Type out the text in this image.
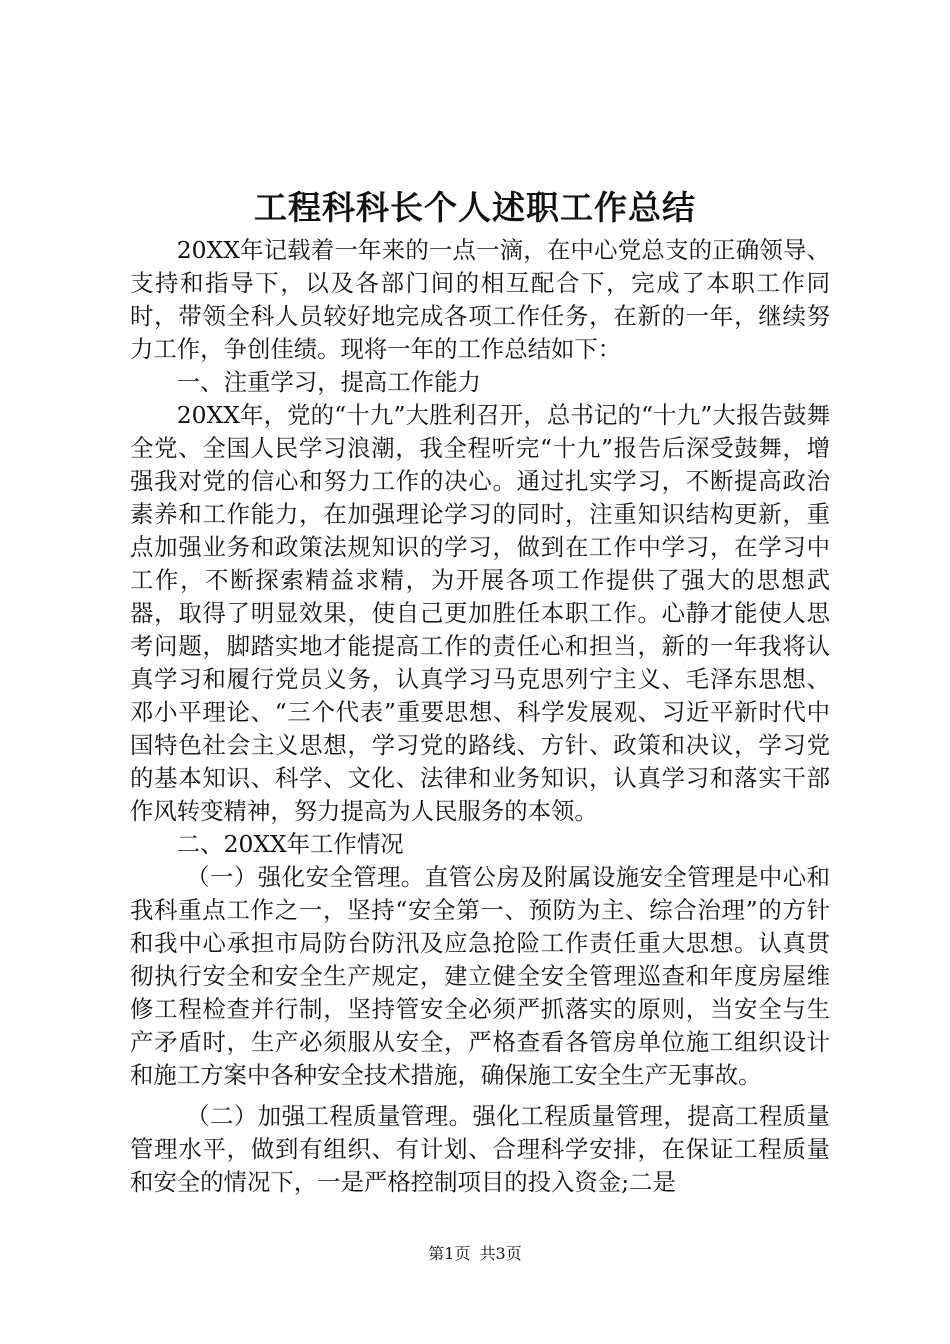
工程科科长个人述职工作总结

20XX年记载着一年来的一点一滴，在中心党总支的正确领导、支持和指导下，以及各部门间的相互配合下，完成了本职工作同时，带领全科人员较好地完成各项工作任务，在新的一年，继续努力工作，争创佳绩。现将一年的工作总结如下：

一、注重学习，提高工作能力

20XX年，党的“十九”大胜利召开，总书记的“十九”大报告鼓舞全党、全国人民学习浪潮，我全程听完“十九”报告后深受鼓舞，增强我对党的信心和努力工作的决心。通过扎实学习，不断提高政治素养和工作能力，在加强理论学习的同时，注重知识结构更新，重点加强业务和政策法规知识的学习，做到在工作中学习，在学习中工作，不断探索精益求精，为开展各项工作提供了强大的思想武器，取得了明显效果，使自己更加胜任本职工作。心静才能使人思考问题，脚踏实地才能提高工作的责任心和担当，新的一年我将认真学习和履行党员义务，认真学习马克思列宁主义、毛泽东思想、邓小平理论、“三个代表”重要思想、科学发展观、习近平新时代中国特色社会主义思想，学习党的路线、方针、政策和决议，学习党的基本知识、科学、文化、法律和业务知识，认真学习和落实干部作风转变精神，努力提高为人民服务的本领。

二、20XX年工作情况

（一）强化安全管理。直管公房及附属设施安全管理是中心和我科重点工作之一，坚持“安全第一、预防为主、综合治理”的方针和我中心承担市局防台防汛及应急抢险工作责任重大思想。认真贯彻执行安全和安全生产规定，建立健全安全管理巡查和年度房屋维修工程检查并行制，坚持管安全必须严抓落实的原则，当安全与生产矛盾时，生产必须服从安全，严格查看各管房单位施工组织设计和施工方案中各种安全技术措施，确保施工安全生产无事故。

（二）加强工程质量管理。强化工程质量管理，提高工程质量管理水平，做到有组织、有计划、合理科学安排，在保证工程质量和安全的情况下，一是严格控制项目的投入资金;二是

第1页 共3页
